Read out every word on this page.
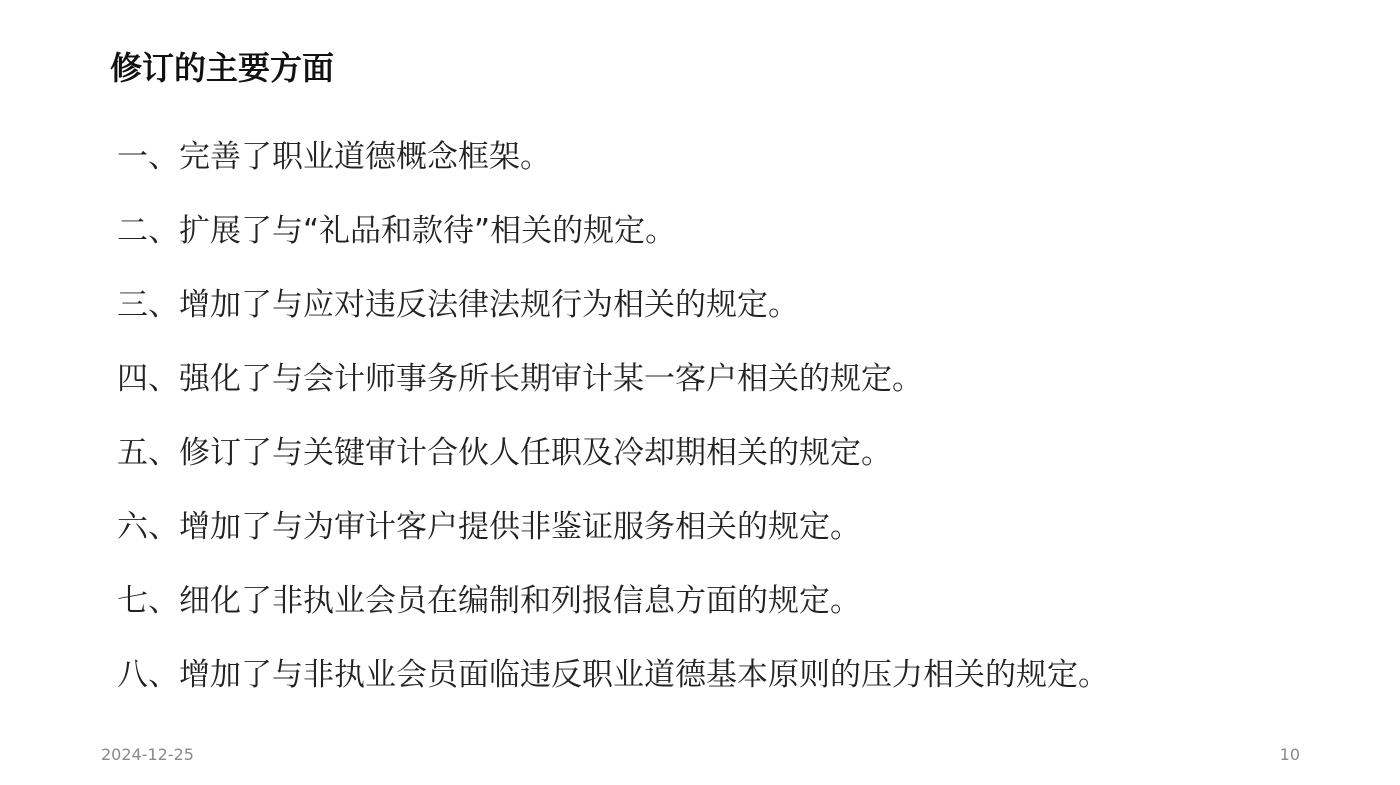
修订的主要方面
一、完善了职业道德概念框架。
二、扩展了与“礼品和款待”相关的规定。
三、增加了与应对违反法律法规行为相关的规定。
四、强化了与会计师事务所长期审计某一客户相关的规定。
五、修订了与关键审计合伙人任职及冷却期相关的规定。
六、增加了与为审计客户提供非鉴证服务相关的规定。
七、细化了非执业会员在编制和列报信息方面的规定。
八、增加了与非执业会员面临违反职业道德基本原则的压力相关的规定。
2024-12-25	10
